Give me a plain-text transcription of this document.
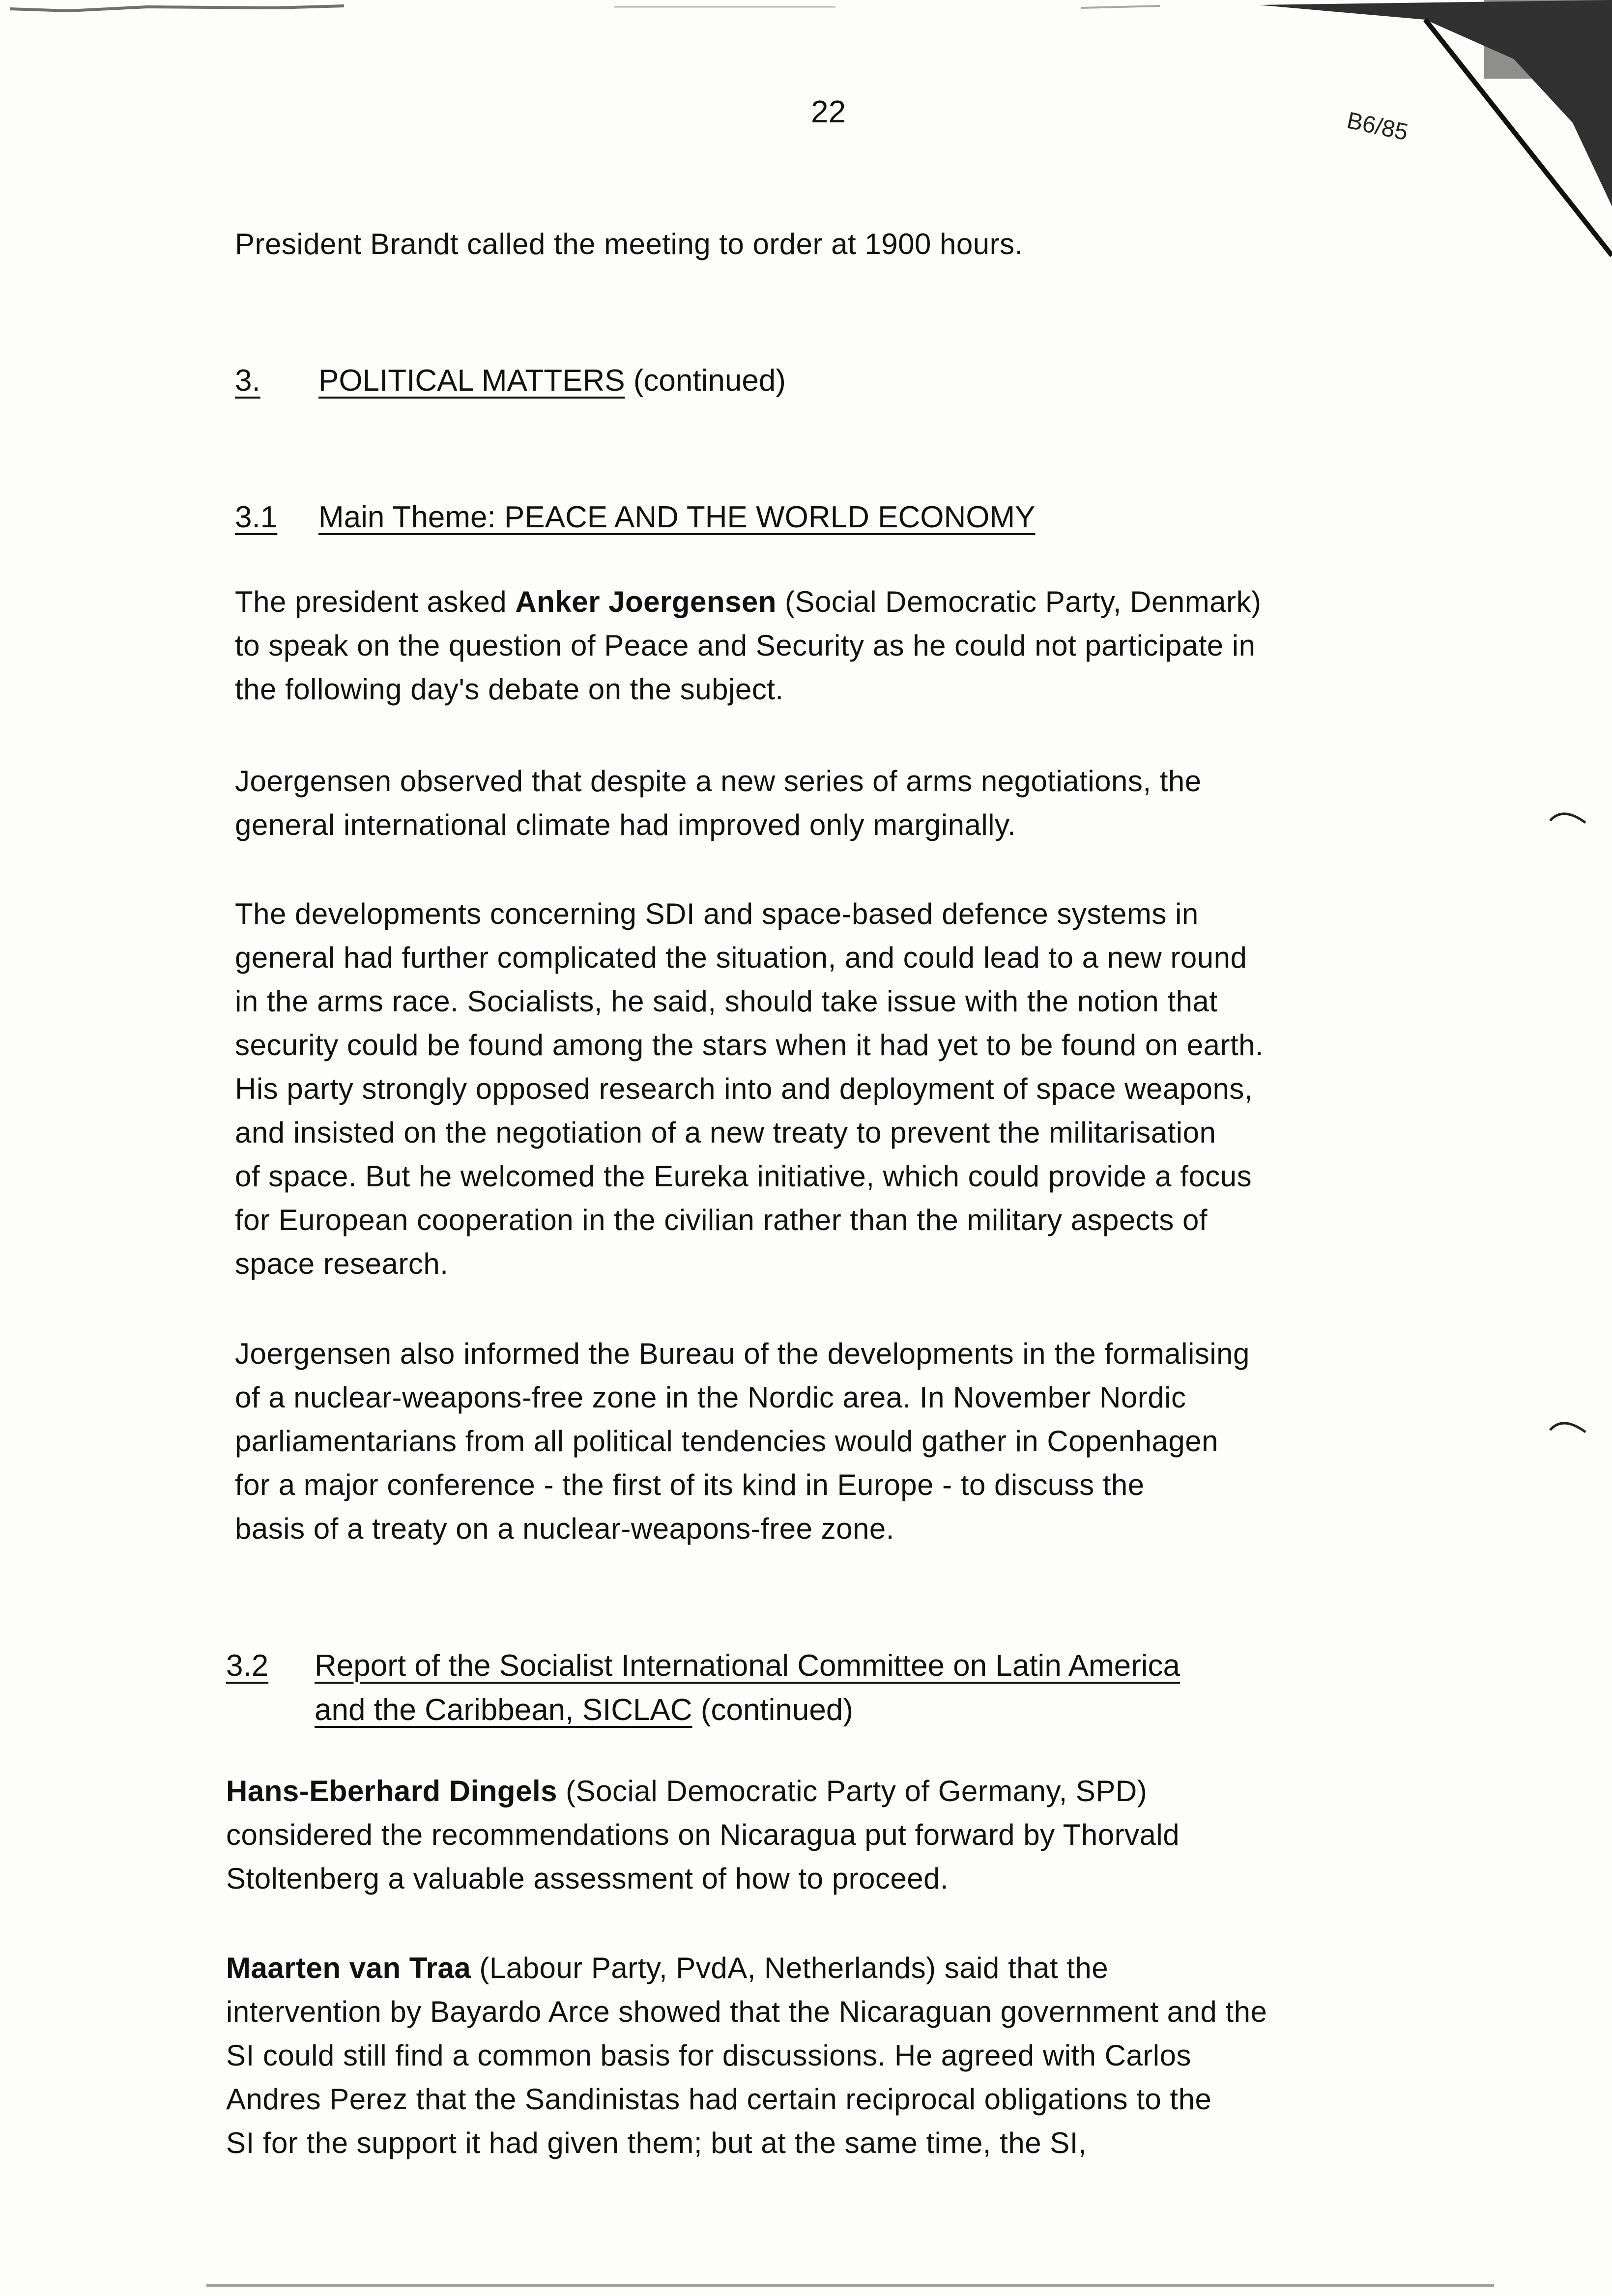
B6/85
22
President Brandt called the meeting to order at 1900 hours.
3. POLITICAL MATTERS (continued)
3.1 Main Theme: PEACE AND THE WORLD ECONOMY
The president asked Anker Joergensen (Social Democratic Party, Denmark)
to speak on the question of Peace and Security as he could not participate in
the following day's debate on the subject.
Joergensen observed that despite a new series of arms negotiations, the
general international climate had improved only marginally.
The developments concerning SDI and space-based defence systems in
general had further complicated the situation, and could lead to a new round
in the arms race. Socialists, he said, should take issue with the notion that
security could be found among the stars when it had yet to be found on earth.
His party strongly opposed research into and deployment of space weapons,
and insisted on the negotiation of a new treaty to prevent the militarisation
of space. But he welcomed the Eureka initiative, which could provide a focus
for European cooperation in the civilian rather than the military aspects of
space research.
Joergensen also informed the Bureau of the developments in the formalising
of a nuclear-weapons-free zone in the Nordic area. In November Nordic
parliamentarians from all political tendencies would gather in Copenhagen
for a major conference - the first of its kind in Europe - to discuss the
basis of a treaty on a nuclear-weapons-free zone.
3.2 Report of the Socialist International Committee on Latin America
and the Caribbean, SICLAC (continued)
Hans-Eberhard Dingels (Social Democratic Party of Germany, SPD)
considered the recommendations on Nicaragua put forward by Thorvald
Stoltenberg a valuable assessment of how to proceed.
Maarten van Traa (Labour Party, PvdA, Netherlands) said that the
intervention by Bayardo Arce showed that the Nicaraguan government and the
SI could still find a common basis for discussions. He agreed with Carlos
Andres Perez that the Sandinistas had certain reciprocal obligations to the
SI for the support it had given them; but at the same time, the SI,
